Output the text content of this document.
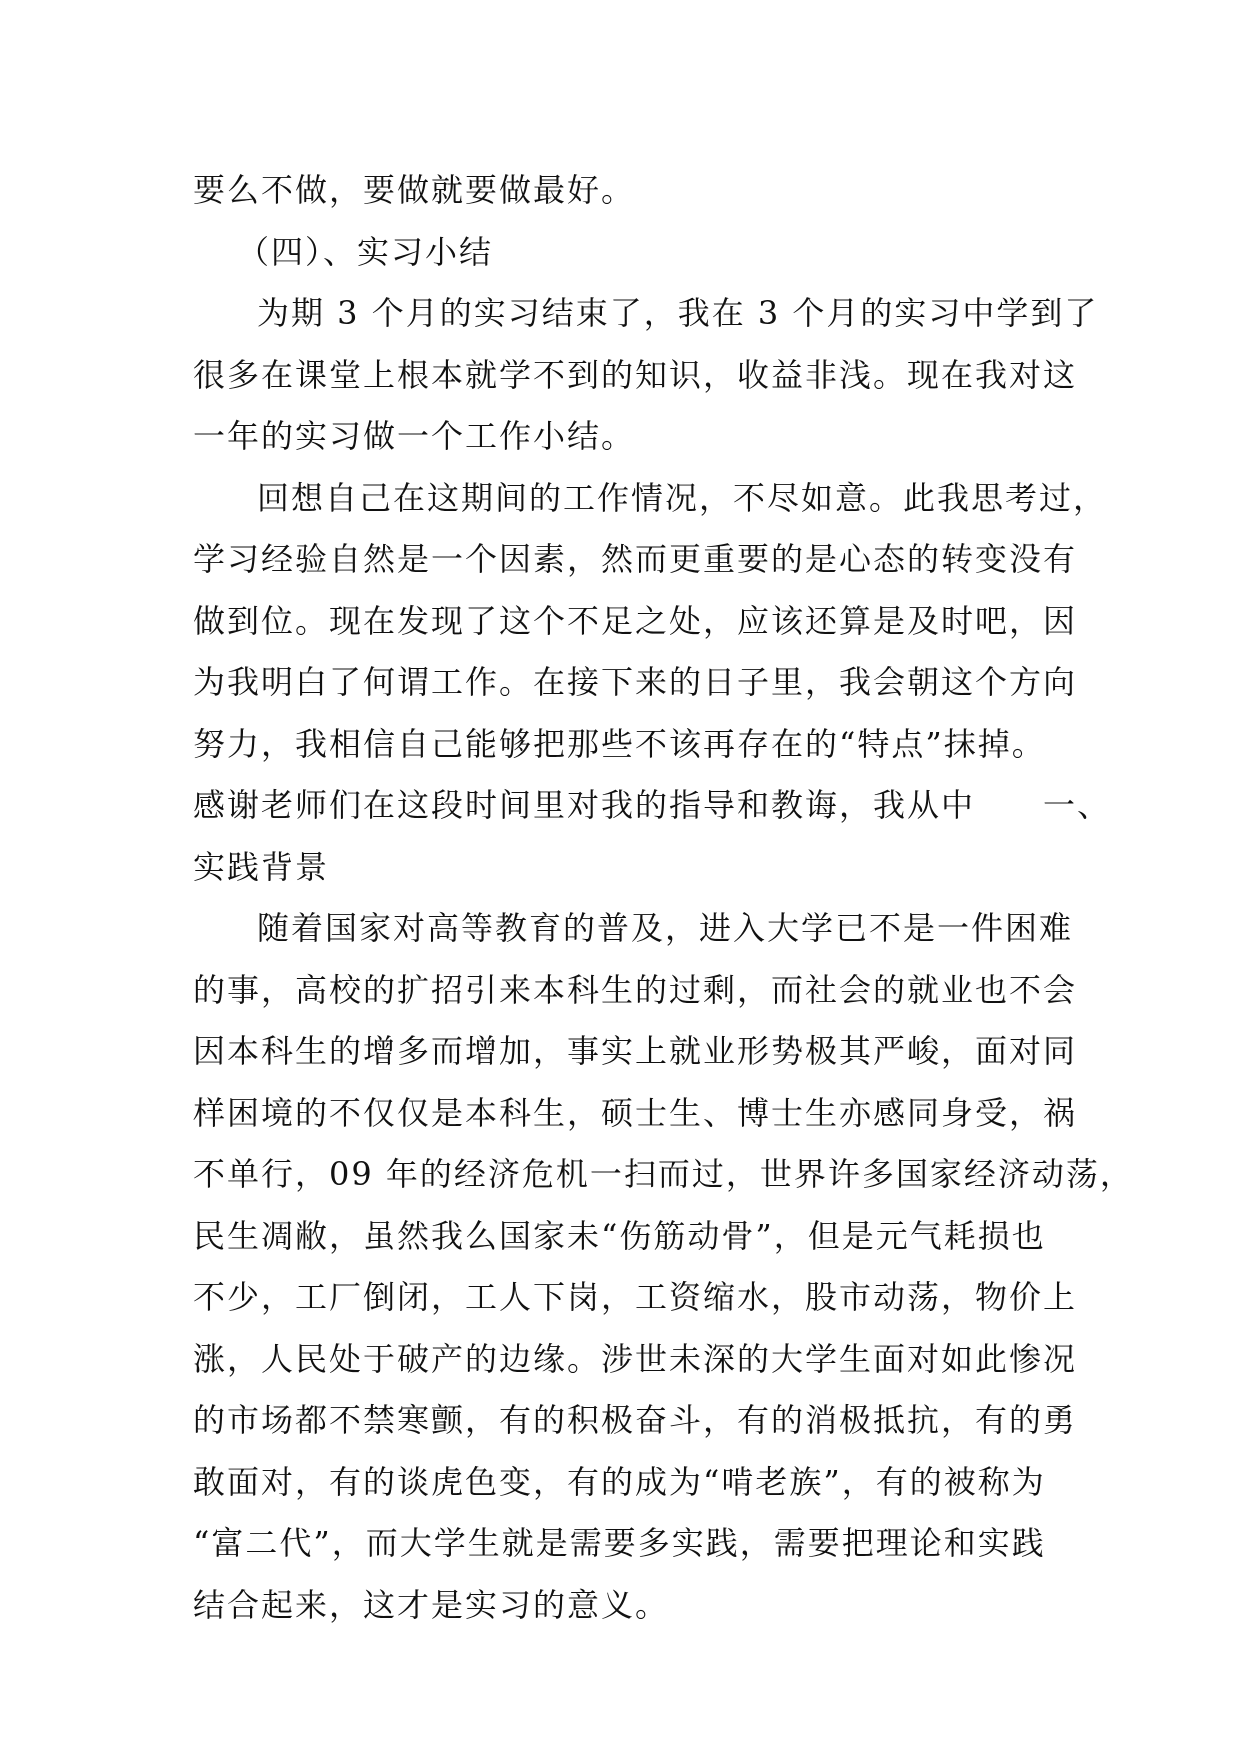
要么不做，要做就要做最好。
（四）、实习小结
为期 3 个月的实习结束了，我在 3 个月的实习中学到了
很多在课堂上根本就学不到的知识，收益非浅。现在我对这
一年的实习做一个工作小结。
回想自己在这期间的工作情况，不尽如意。此我思考过，
学习经验自然是一个因素，然而更重要的是心态的转变没有
做到位。现在发现了这个不足之处，应该还算是及时吧，因
为我明白了何谓工作。在接下来的日子里，我会朝这个方向
努力，我相信自己能够把那些不该再存在的“特点”抹掉。
感谢老师们在这段时间里对我的指导和教诲，我从中　　一、
实践背景
随着国家对高等教育的普及，进入大学已不是一件困难
的事，高校的扩招引来本科生的过剩，而社会的就业也不会
因本科生的增多而增加，事实上就业形势极其严峻，面对同
样困境的不仅仅是本科生，硕士生、博士生亦感同身受，祸
不单行，09 年的经济危机一扫而过，世界许多国家经济动荡，
民生凋敝，虽然我么国家未“伤筋动骨”，但是元气耗损也
不少，工厂倒闭，工人下岗，工资缩水，股市动荡，物价上
涨，人民处于破产的边缘。涉世未深的大学生面对如此惨况
的市场都不禁寒颤，有的积极奋斗，有的消极抵抗，有的勇
敢面对，有的谈虎色变，有的成为“啃老族”，有的被称为
“富二代”，而大学生就是需要多实践，需要把理论和实践
结合起来，这才是实习的意义。
